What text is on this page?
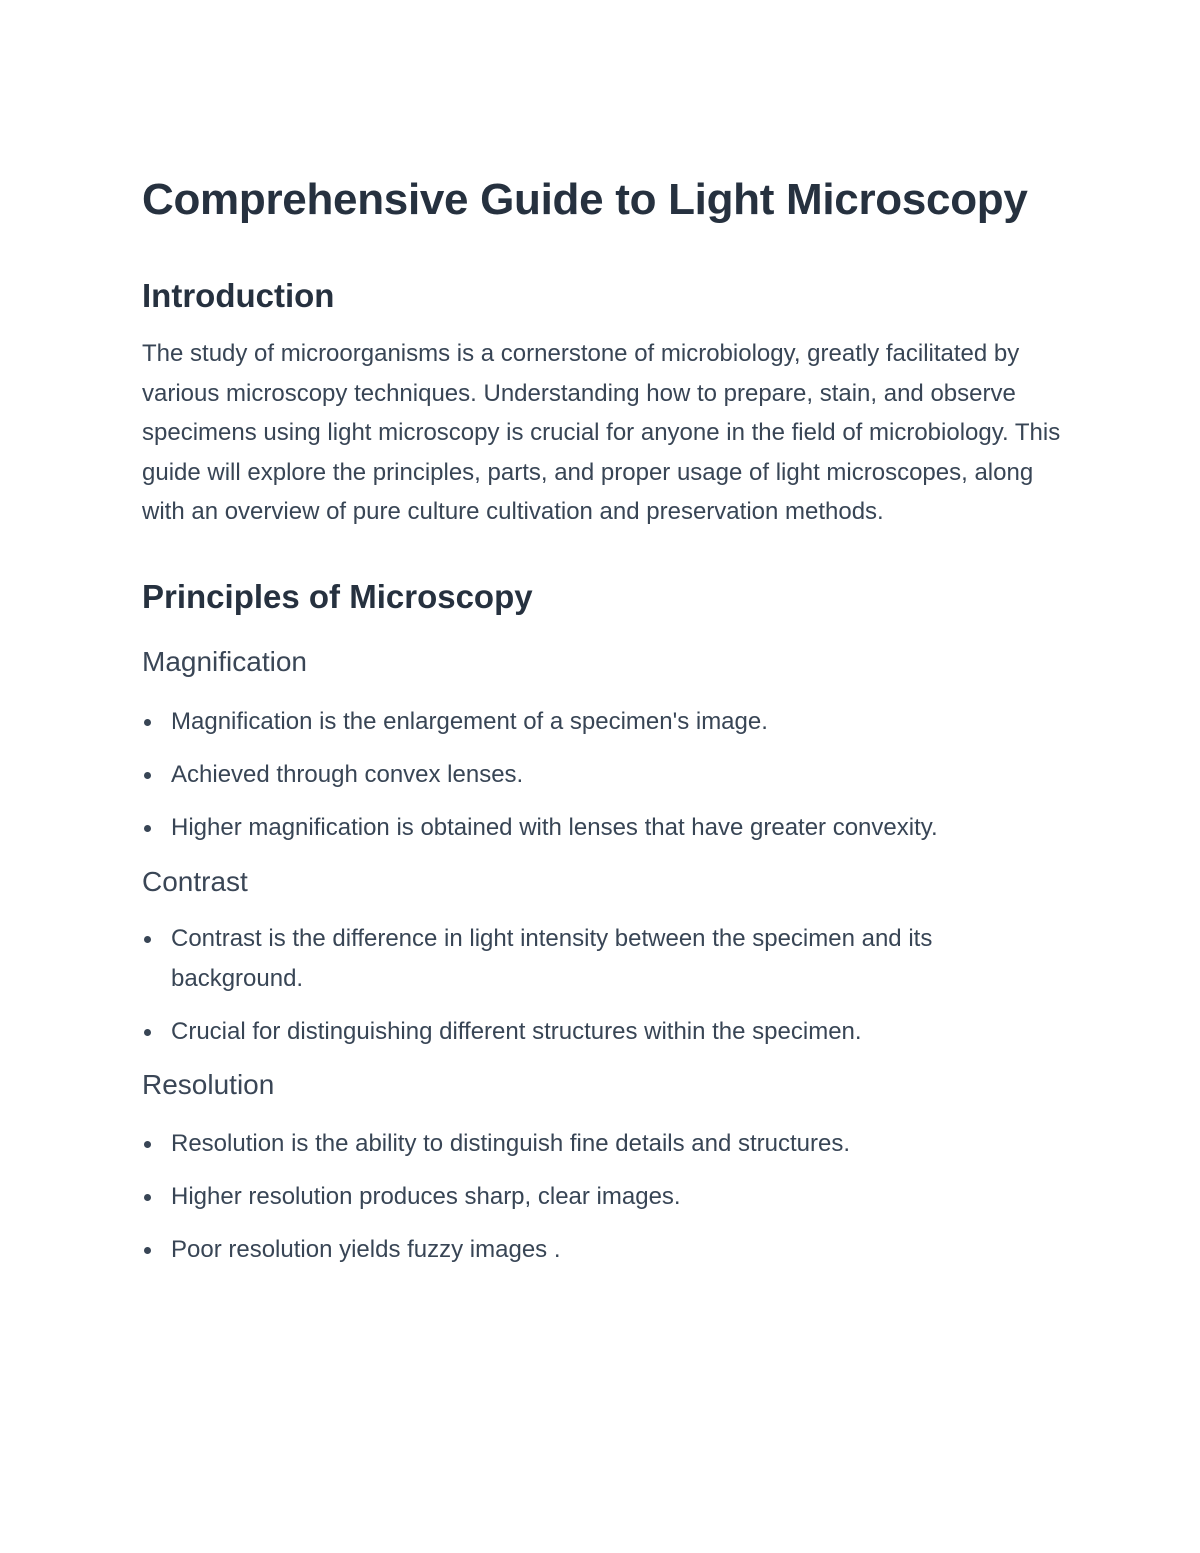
Comprehensive Guide to Light Microscopy
Introduction

The study of microorganisms is a cornerstone of microbiology, greatly facilitated by various microscopy techniques. Understanding how to prepare, stain, and observe specimens using light microscopy is crucial for anyone in the field of microbiology. This guide will explore the principles, parts, and proper usage of light microscopes, along with an overview of pure culture cultivation and preservation methods.

Principles of Microscopy
Magnification
Magnification is the enlargement of a specimen's image.
Achieved through convex lenses.
Higher magnification is obtained with lenses that have greater convexity.
Contrast
Contrast is the difference in light intensity between the specimen and its background.
Crucial for distinguishing different structures within the specimen.
Resolution
Resolution is the ability to distinguish fine details and structures.
Higher resolution produces sharp, clear images.
Poor resolution yields fuzzy images .
